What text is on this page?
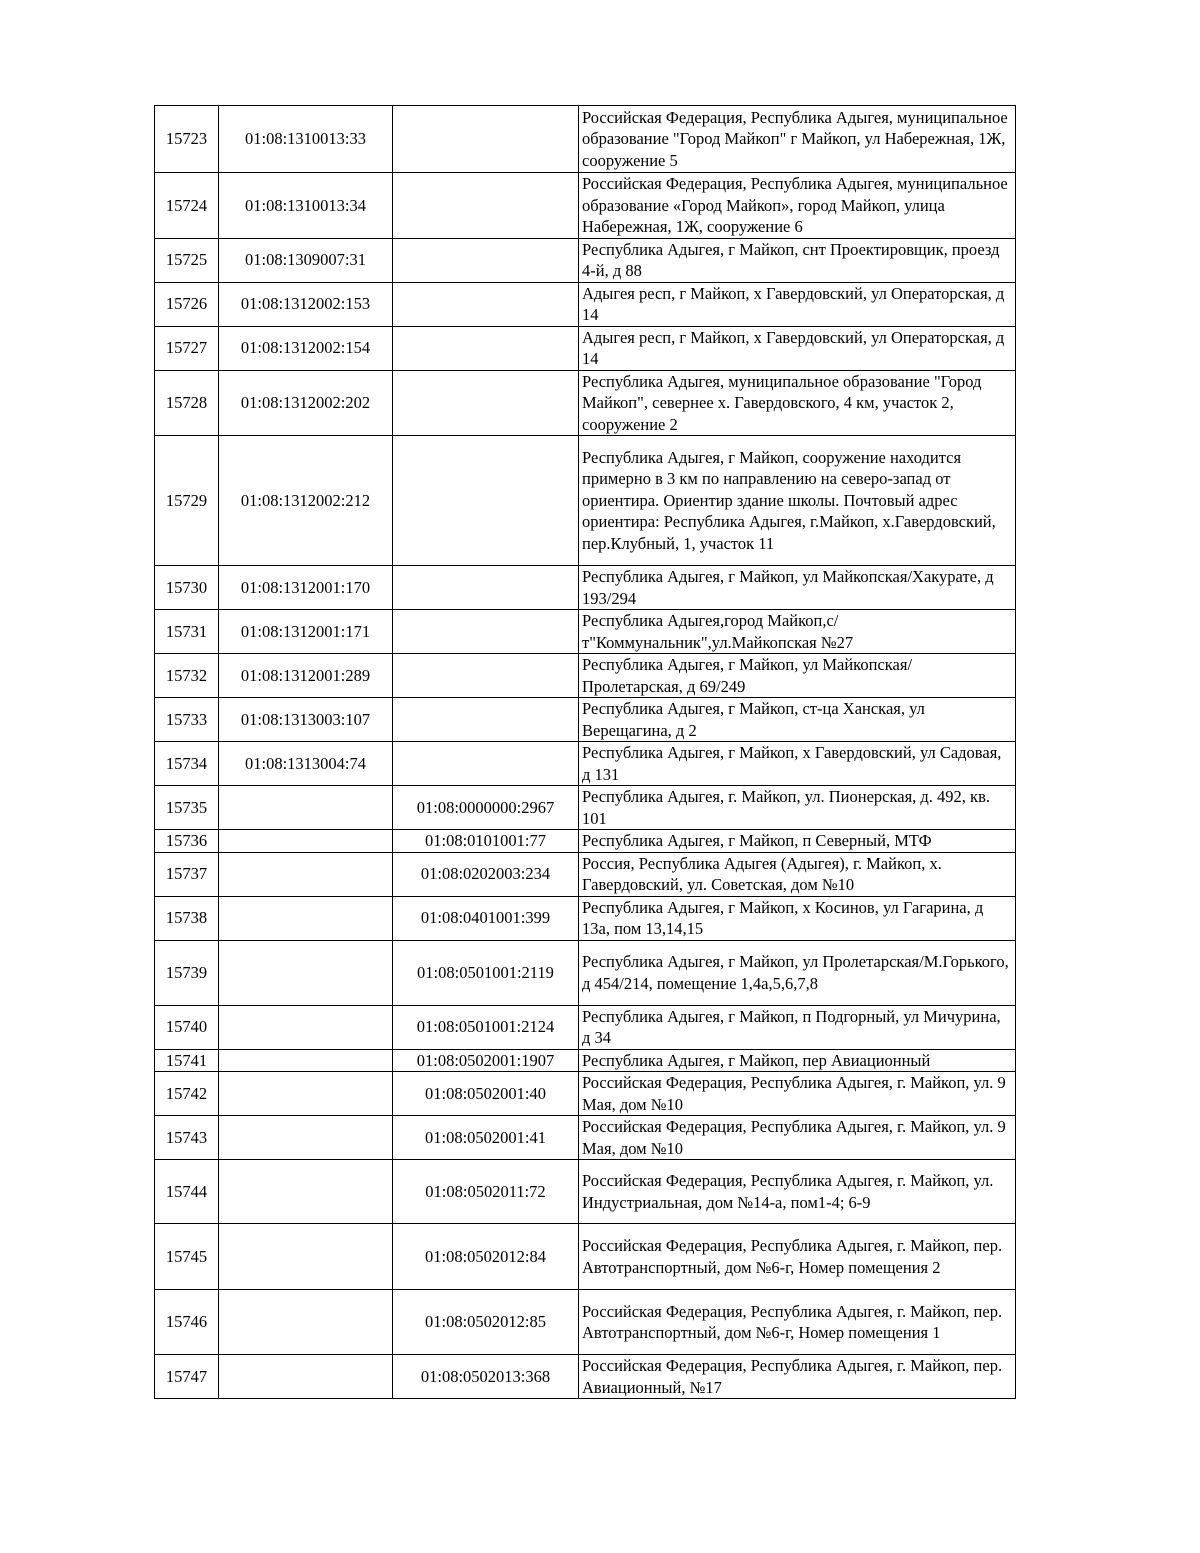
15723	01:08:1310013:33		Российская Федерация, Республика Адыгея, муниципальное образование "Город Майкоп" г Майкоп, ул Набережная, 1Ж, сооружение 5
15724	01:08:1310013:34		Российская Федерация, Республика Адыгея, муниципальное образование «Город Майкоп», город Майкоп, улица Набережная, 1Ж, сооружение 6
15725	01:08:1309007:31		Республика Адыгея, г Майкоп, снт Проектировщик, проезд 4-й, д 88
15726	01:08:1312002:153		Адыгея респ, г Майкоп, х Гавердовский, ул Операторская, д 14
15727	01:08:1312002:154		Адыгея респ, г Майкоп, х Гавердовский, ул Операторская, д 14
15728	01:08:1312002:202		Республика Адыгея, муниципальное образование "Город Майкоп", севернее х. Гавердовского, 4 км, участок 2, сооружение 2
15729	01:08:1312002:212		Республика Адыгея, г Майкоп, сооружение находится примерно в 3 км по направлению на северо-запад от ориентира. Ориентир здание школы. Почтовый адрес ориентира: Республика Адыгея, г.Майкоп, х.Гавердовский, пер.Клубный, 1, участок 11
15730	01:08:1312001:170		Республика Адыгея, г Майкоп, ул Майкопская/Хакурате, д 193/294
15731	01:08:1312001:171		Республика Адыгея,город Майкоп,с/т"Коммунальник",ул.Майкопская №27
15732	01:08:1312001:289		Республика Адыгея, г Майкоп, ул Майкопская/Пролетарская, д 69/249
15733	01:08:1313003:107		Республика Адыгея, г Майкоп, ст-ца Ханская, ул Верещагина, д 2
15734	01:08:1313004:74		Республика Адыгея, г Майкоп, х Гавердовский, ул Садовая, д 131
15735		01:08:0000000:2967	Республика Адыгея, г. Майкоп, ул. Пионерская, д. 492, кв. 101
15736		01:08:0101001:77	Республика Адыгея, г Майкоп, п Северный, МТФ
15737		01:08:0202003:234	Россия, Республика Адыгея (Адыгея), г. Майкоп, х. Гавердовский, ул. Советская, дом №10
15738		01:08:0401001:399	Республика Адыгея, г Майкоп, х Косинов, ул Гагарина, д 13а, пом 13,14,15
15739		01:08:0501001:2119	Республика Адыгея, г Майкоп, ул Пролетарская/М.Горького, д 454/214, помещение 1,4а,5,6,7,8
15740		01:08:0501001:2124	Республика Адыгея, г Майкоп, п Подгорный, ул Мичурина, д 34
15741		01:08:0502001:1907	Республика Адыгея, г Майкоп, пер Авиационный
15742		01:08:0502001:40	Российская Федерация, Республика Адыгея, г. Майкоп, ул. 9 Мая, дом №10
15743		01:08:0502001:41	Российская Федерация, Республика Адыгея, г. Майкоп, ул. 9 Мая, дом №10
15744		01:08:0502011:72	Российская Федерация, Республика Адыгея, г. Майкоп, ул. Индустриальная, дом №14-а, пом1-4; 6-9
15745		01:08:0502012:84	Российская Федерация, Республика Адыгея, г. Майкоп, пер. Автотранспортный, дом №6-г, Номер помещения 2
15746		01:08:0502012:85	Российская Федерация, Республика Адыгея, г. Майкоп, пер. Автотранспортный, дом №6-г, Номер помещения 1
15747		01:08:0502013:368	Российская Федерация, Республика Адыгея, г. Майкоп, пер. Авиационный, №17
